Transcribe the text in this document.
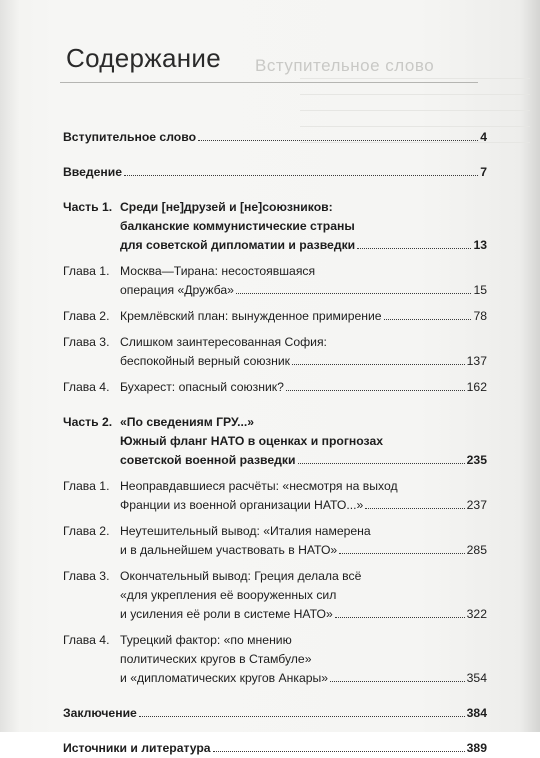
Вступительное слово
Содержание
Вступительное слово	4
Введение	7
Часть 1. Среди [не]друзей и [не]союзников:
балканские коммунистические страны
для советской дипломатии и разведки	13
Глава 1. Москва—Тирана: несостоявшаяся
операция «Дружба»	15
Глава 2. Кремлёвский план: вынужденное примирение	78
Глава 3. Слишком заинтересованная София:
беспокойный верный союзник	137
Глава 4. Бухарест: опасный союзник?	162
Часть 2. «По сведениям ГРУ...»
Южный фланг НАТО в оценках и прогнозах
советской военной разведки	235
Глава 1. Неоправдавшиеся расчёты: «несмотря на выход
Франции из военной организации НАТО...»	237
Глава 2. Неутешительный вывод: «Италия намерена
и в дальнейшем участвовать в НАТО»	285
Глава 3. Окончательный вывод: Греция делала всё
«для укрепления её вооруженных сил
и усиления её роли в системе НАТО»	322
Глава 4. Турецкий фактор: «по мнению
политических кругов в Стамбуле»
и «дипломатических кругов Анкары»	354
Заключение	384
Источники и литература	389
